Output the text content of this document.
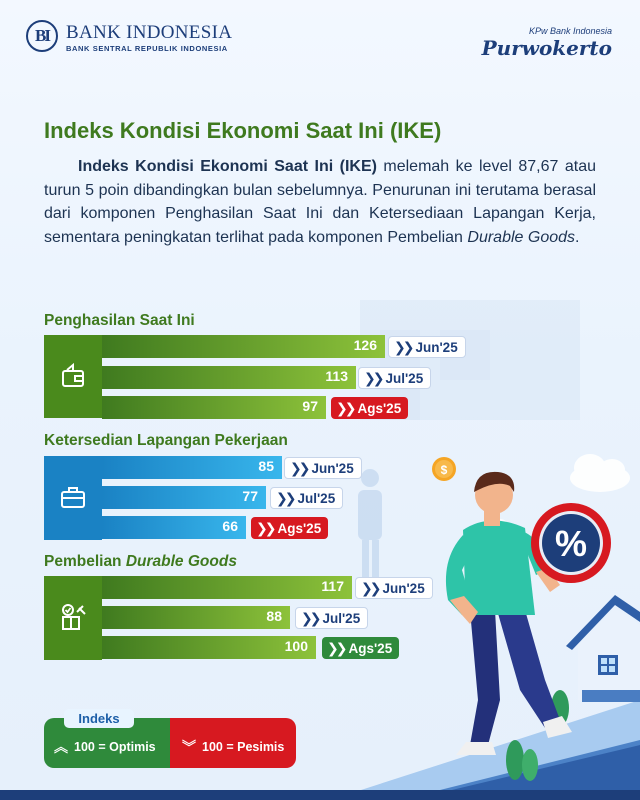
$
%
BI BANK INDONESIA
BANK SENTRAL REPUBLIK INDONESIA
KPw Bank Indonesia
Purwokerto
Indeks Kondisi Ekonomi Saat Ini (IKE)
Indeks Kondisi Ekonomi Saat Ini (IKE) melemah ke level 87,67 atau turun 5 poin dibandingkan bulan sebelumnya. Penurunan ini terutama berasal dari komponen Penghasilan Saat Ini dan Ketersediaan Lapangan Kerja, sementara peningkatan terlihat pada komponen Pembelian Durable Goods.
Penghasilan Saat Ini
126 ❯❯ Jun'25
113 ❯❯ Jul'25
97 ❯❯ Ags'25
Ketersedian Lapangan Pekerjaan
85 ❯❯ Jun'25
77 ❯❯ Jul'25
66 ❯❯ Ags'25
Pembelian Durable Goods
117 ❯❯ Jun'25
88 ❯❯ Jul'25
100 ❯❯ Ags'25
︽ 100 = Optimis ︾ 100 = Pesimis
Indeks
